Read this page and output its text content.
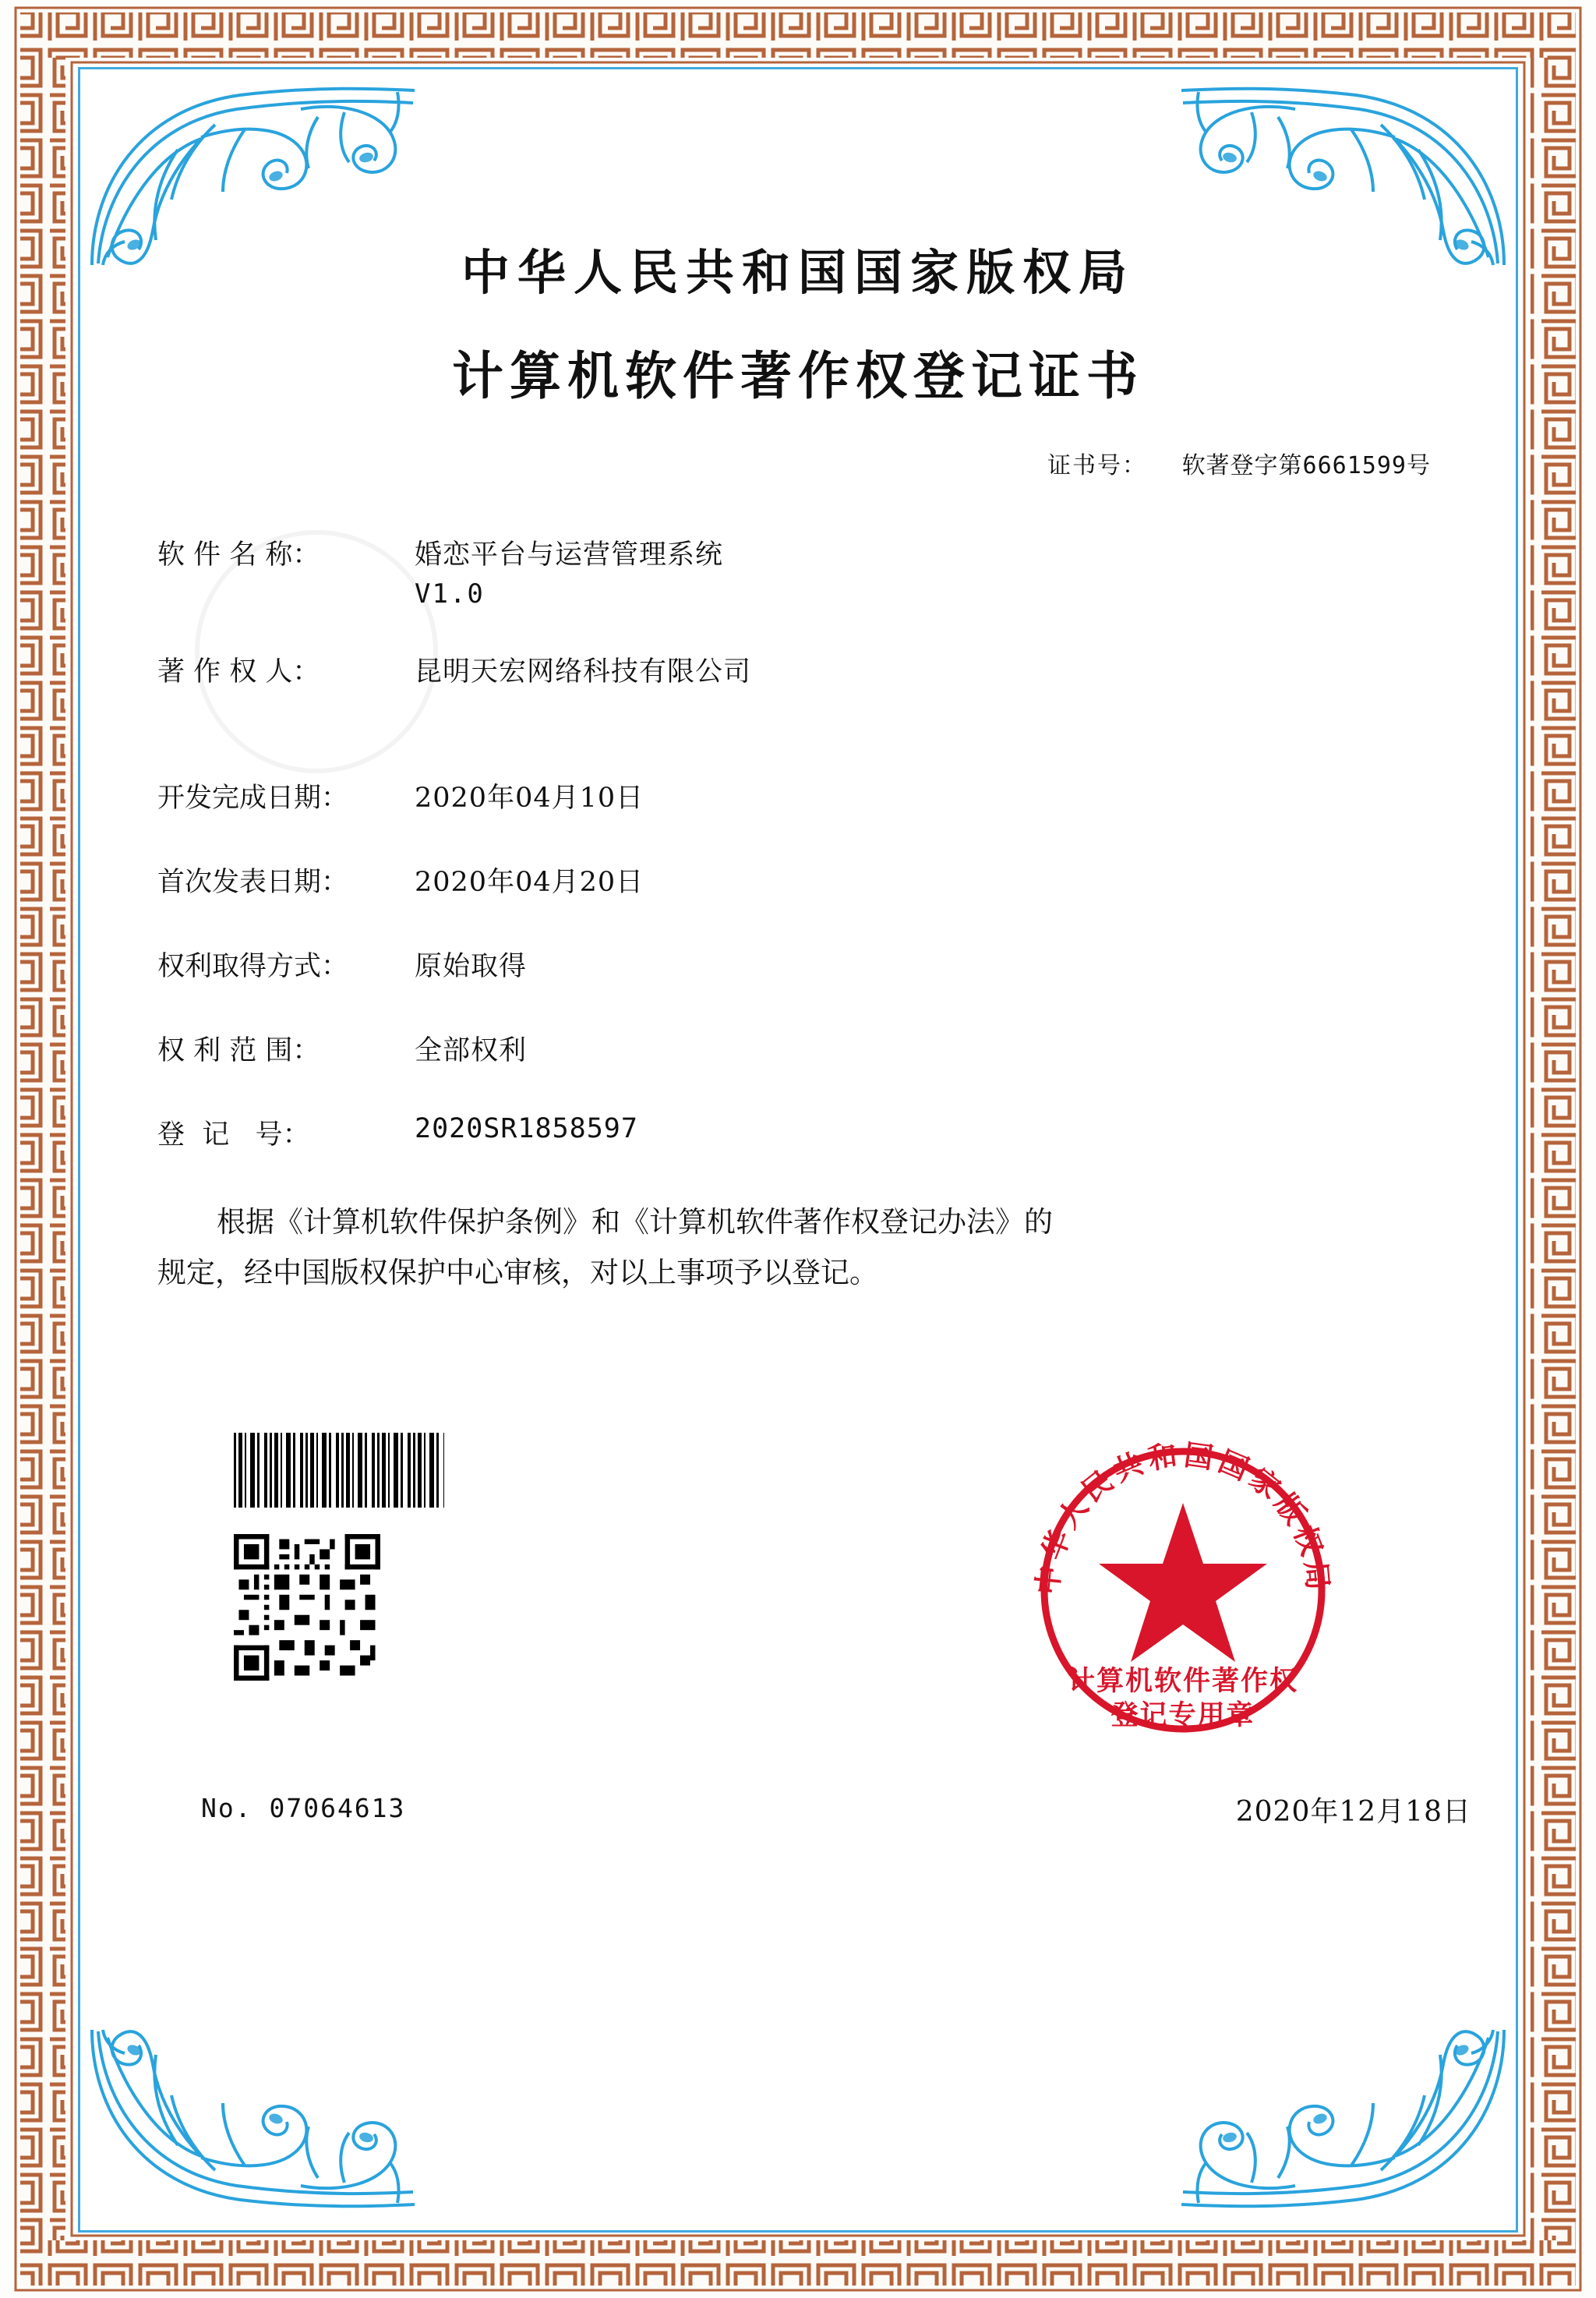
中华人民共和国国家版权局
计算机软件著作权登记证书
证书号： 软著登字第6661599号
软 件 名 称：	婚恋平台与运营管理系统
V1.0
著 作 权 人：	昆明天宏网络科技有限公司
开发完成日期：	2020年04月10日
首次发表日期：	2020年04月20日
权利取得方式：	原始取得
权 利 范 围：	全部权利
登  记   号：	2020SR1858597
根据《计算机软件保护条例》和《计算机软件著作权登记办法》的
规定，经中国版权保护中心审核，对以上事项予以登记。
No. 07064613	2020年12月18日
中华人民共和国国家版权局
计算机软件著作权
登记专用章
